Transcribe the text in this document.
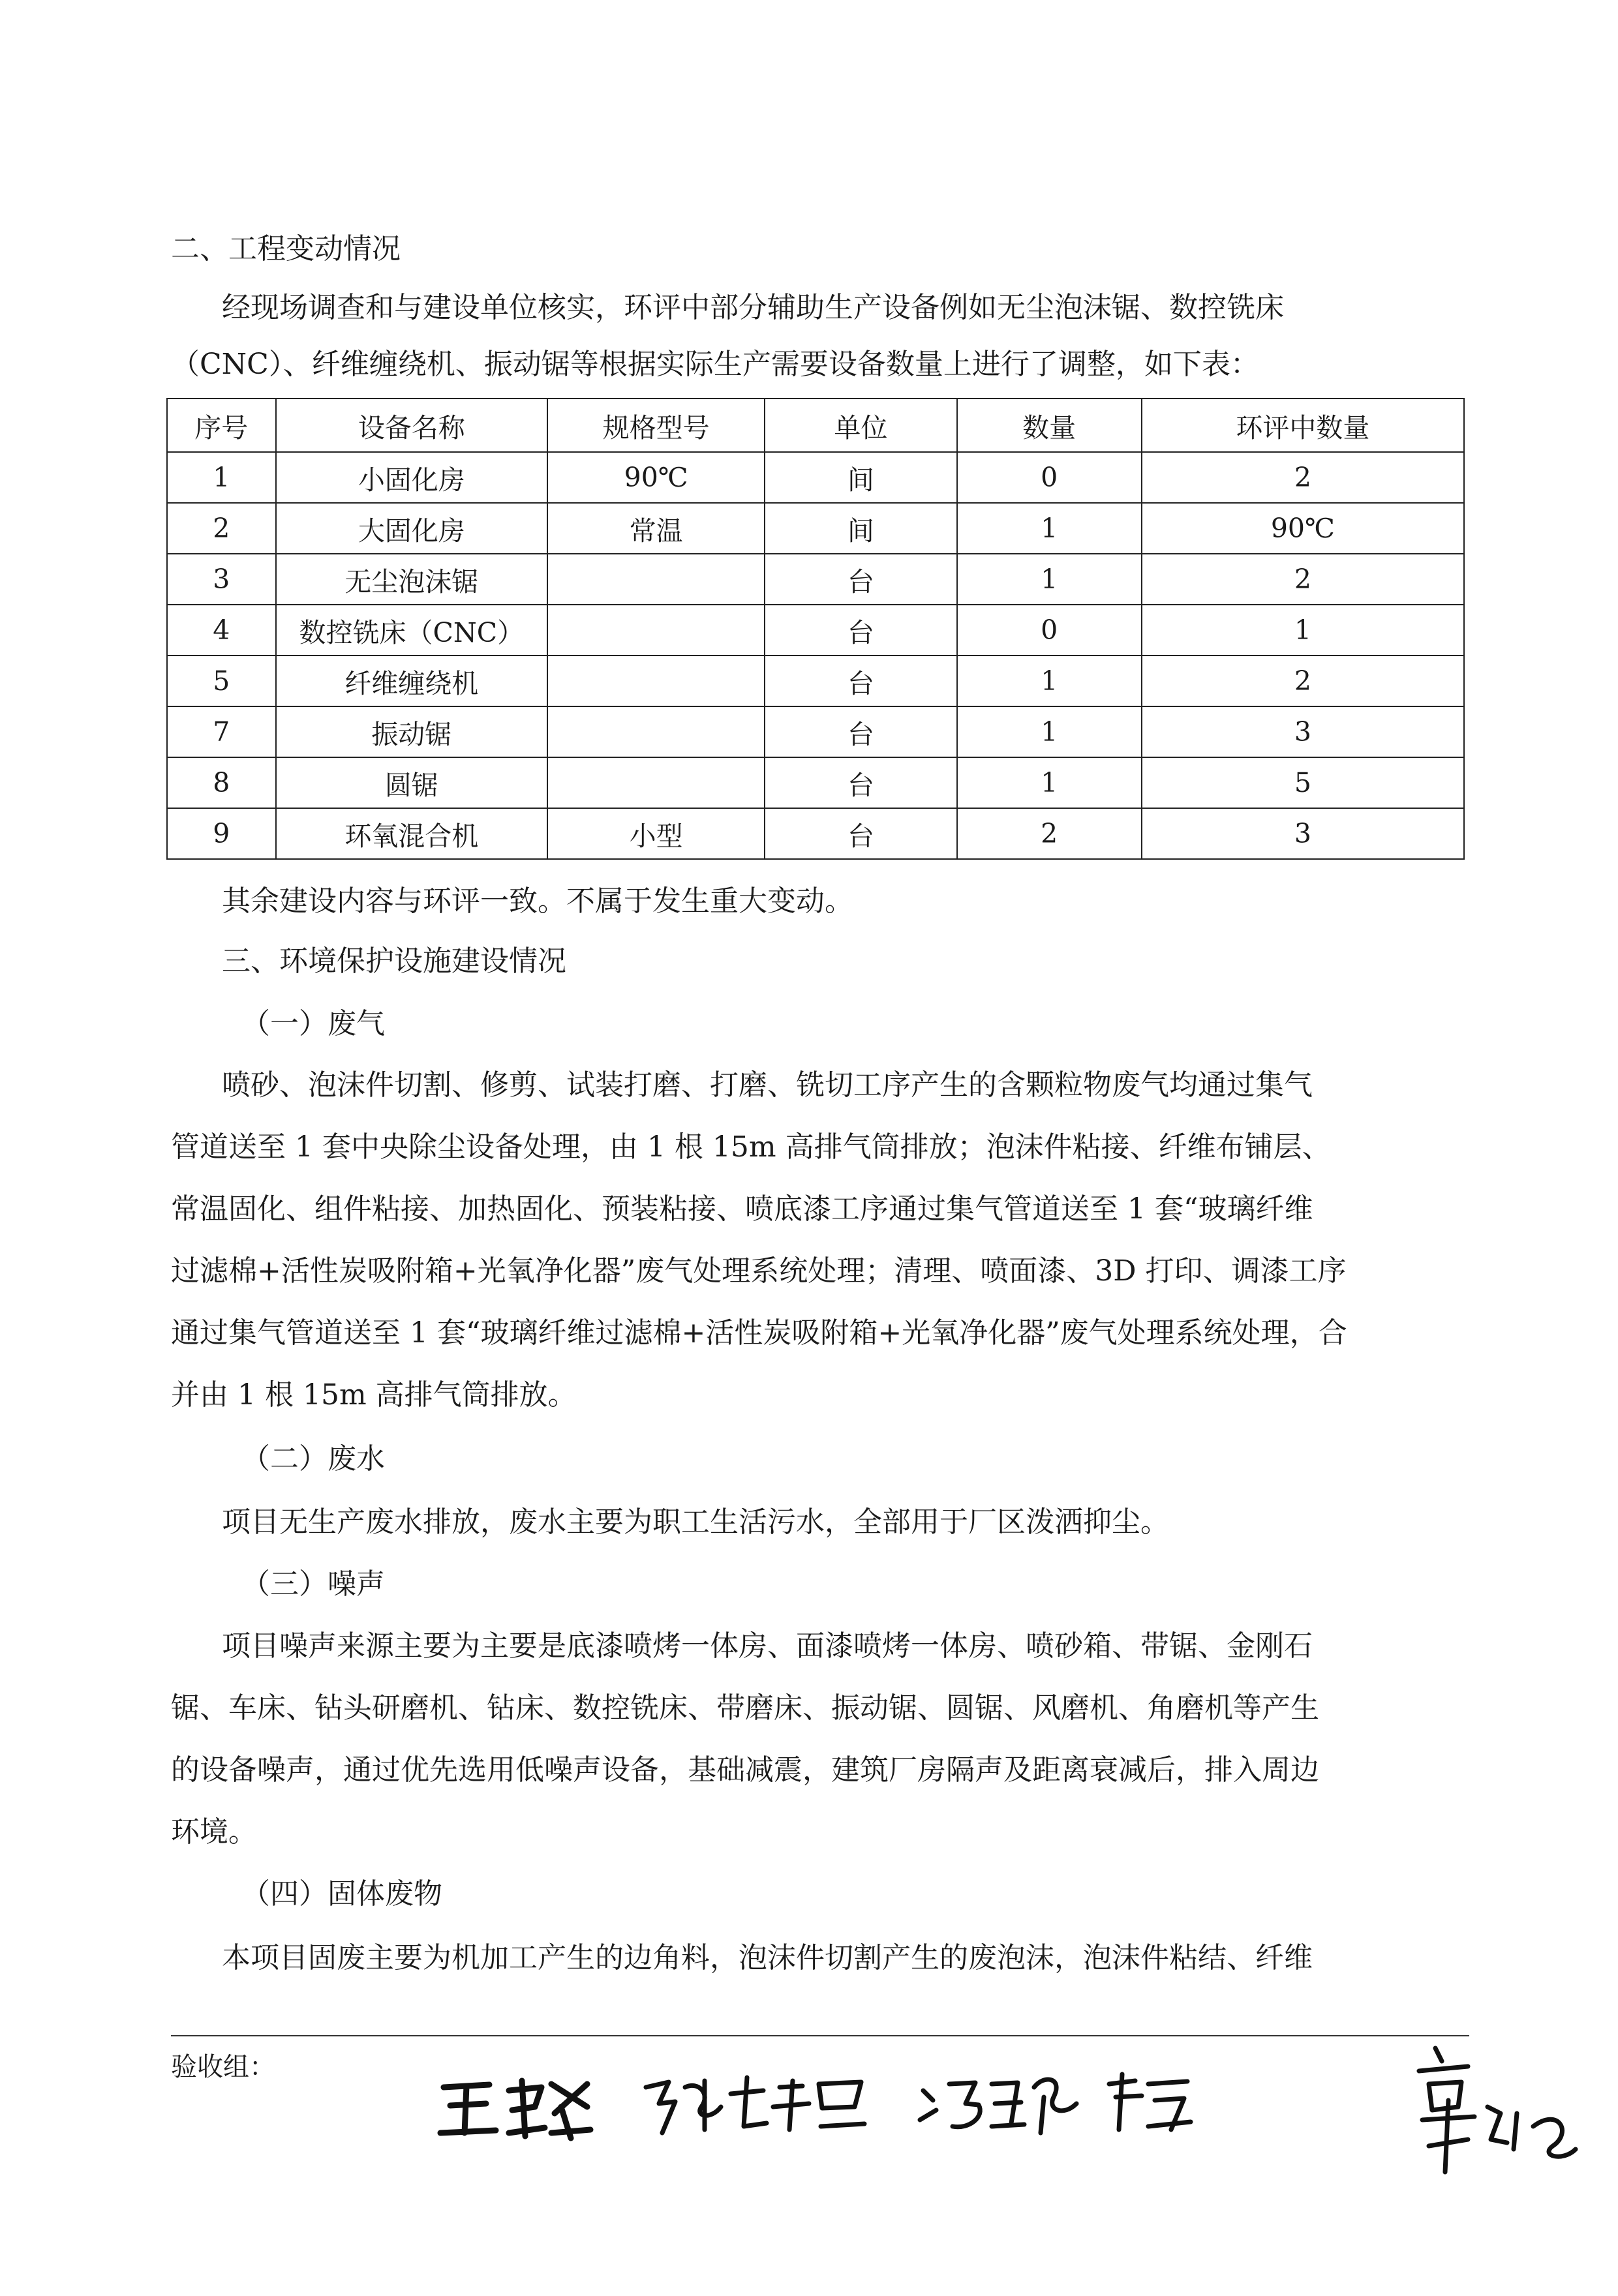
二、工程变动情况
经现场调查和与建设单位核实，环评中部分辅助生产设备例如无尘泡沫锯、数控铣床
（CNC）、纤维缠绕机、振动锯等根据实际生产需要设备数量上进行了调整，如下表：
序号	设备名称	规格型号	单位	数量	环评中数量
1	小固化房	90℃	间	0	2
2	大固化房	常温	间	1	90℃
3	无尘泡沫锯		台	1	2
4	数控铣床（CNC）		台	0	1
5	纤维缠绕机		台	1	2
7	振动锯		台	1	3
8	圆锯		台	1	5
9	环氧混合机	小型	台	2	3
其余建设内容与环评一致。不属于发生重大变动。
三、环境保护设施建设情况
（一）废气
喷砂、泡沫件切割、修剪、试装打磨、打磨、铣切工序产生的含颗粒物废气均通过集气
管道送至 1 套中央除尘设备处理，由 1 根 15m 高排气筒排放；泡沫件粘接、纤维布铺层、
常温固化、组件粘接、加热固化、预装粘接、喷底漆工序通过集气管道送至 1 套“玻璃纤维
过滤棉+活性炭吸附箱+光氧净化器”废气处理系统处理；清理、喷面漆、3D 打印、调漆工序
通过集气管道送至 1 套“玻璃纤维过滤棉+活性炭吸附箱+光氧净化器”废气处理系统处理，合
并由 1 根 15m 高排气筒排放。
（二）废水
项目无生产废水排放，废水主要为职工生活污水，全部用于厂区泼洒抑尘。
（三）噪声
项目噪声来源主要为主要是底漆喷烤一体房、面漆喷烤一体房、喷砂箱、带锯、金刚石
锯、车床、钻头研磨机、钻床、数控铣床、带磨床、振动锯、圆锯、风磨机、角磨机等产生
的设备噪声，通过优先选用低噪声设备，基础减震，建筑厂房隔声及距离衰减后，排入周边
环境。
（四）固体废物
本项目固废主要为机加工产生的边角料，泡沫件切割产生的废泡沫，泡沫件粘结、纤维
验收组：
